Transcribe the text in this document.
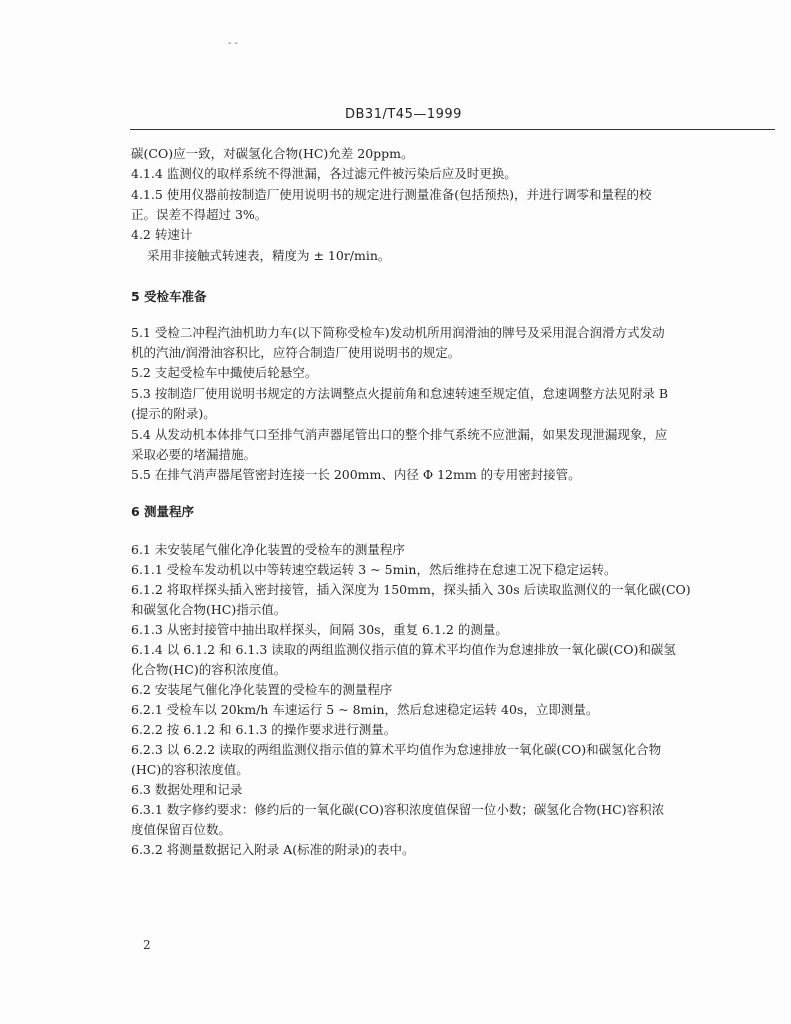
- -
DB31/T45—1999
碳(CO)应一致，对碳氢化合物(HC)允差 20ppm。
4.1.4 监测仪的取样系统不得泄漏，各过滤元件被污染后应及时更换。
4.1.5 使用仪器前按制造厂使用说明书的规定进行测量准备(包括预热)，并进行调零和量程的校
正。误差不得超过 3%。
4.2 转速计
采用非接触式转速表，精度为 ± 10r/min。
5 受检车准备
5.1 受检二冲程汽油机助力车(以下简称受检车)发动机所用润滑油的牌号及采用混合润滑方式发动
机的汽油/润滑油容积比，应符合制造厂使用说明书的规定。
5.2 支起受检车中擑使后轮悬空。
5.3 按制造厂使用说明书规定的方法调整点火提前角和怠速转速至规定值，怠速调整方法见附录 B
(提示的附录)。
5.4 从发动机本体排气口至排气消声器尾管出口的整个排气系统不应泄漏，如果发现泄漏现象，应
采取必要的堵漏措施。
5.5 在排气消声器尾管密封连接一长 200mm、内径 Φ 12mm 的专用密封接管。
6 测量程序
6.1 未安装尾气催化净化装置的受检车的测量程序
6.1.1 受检车发动机以中等转速空载运转 3 ~ 5min，然后维持在怠速工况下稳定运转。
6.1.2 将取样探头插入密封接管，插入深度为 150mm，探头插入 30s 后读取监测仪的一氧化碳(CO)
和碳氢化合物(HC)指示值。
6.1.3 从密封接管中抽出取样探头，间隔 30s，重复 6.1.2 的测量。
6.1.4 以 6.1.2 和 6.1.3 读取的两组监测仪指示值的算术平均值作为怠速排放一氧化碳(CO)和碳氢
化合物(HC)的容积浓度值。
6.2 安装尾气催化净化装置的受检车的测量程序
6.2.1 受检车以 20km/h 车速运行 5 ~ 8min，然后怠速稳定运转 40s，立即测量。
6.2.2 按 6.1.2 和 6.1.3 的操作要求进行测量。
6.2.3 以 6.2.2 读取的两组监测仪指示值的算术平均值作为怠速排放一氧化碳(CO)和碳氢化合物
(HC)的容积浓度值。
6.3 数据处理和记录
6.3.1 数字修约要求：修约后的一氧化碳(CO)容积浓度值保留一位小数；碳氢化合物(HC)容积浓
度值保留百位数。
6.3.2 将测量数据记入附录 A(标准的附录)的表中。
2
